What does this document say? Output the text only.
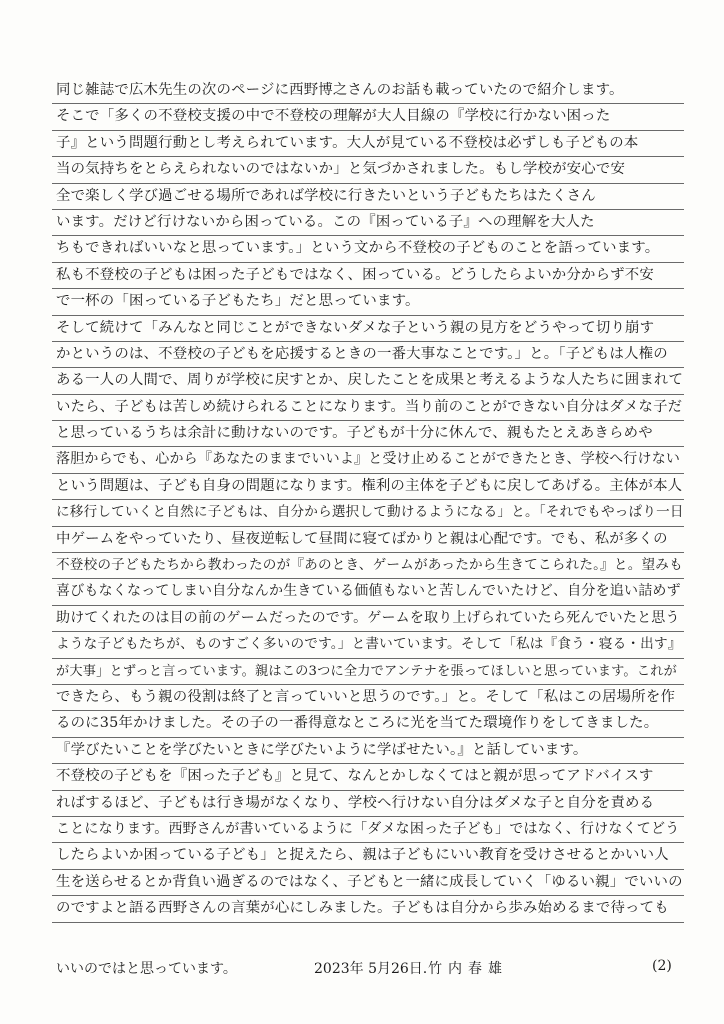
同じ雑誌で広木先生の次のページに西野博之さんのお話も載っていたので紹介します。
そこで「多くの不登校支援の中で不登校の理解が大人目線の『学校に行かない困った
子』という問題行動とし考えられています。大人が見ている不登校は必ずしも子どもの本
当の気持ちをとらえられないのではないか」と気づかされました。もし学校が安心で安
全で楽しく学び過ごせる場所であれば学校に行きたいという子どもたちはたくさん
います。だけど行けないから困っている。この『困っている子』への理解を大人た
ちもできればいいなと思っています。」という文から不登校の子どものことを語っています。
私も不登校の子どもは困った子どもではなく、困っている。どうしたらよいか分からず不安
で一杯の「困っている子どもたち」だと思っています。
そして続けて「みんなと同じことができないダメな子という親の見方をどうやって切り崩す
かというのは、不登校の子どもを応援するときの一番大事なことです。」と。「子どもは人権の
ある一人の人間で、周りが学校に戻すとか、戻したことを成果と考えるような人たちに囲まれて
いたら、子どもは苦しめ続けられることになります。当り前のことができない自分はダメな子だ
と思っているうちは余計に動けないのです。子どもが十分に休んで、親もたとえあきらめや
落胆からでも、心から『あなたのままでいいよ』と受け止めることができたとき、学校へ行けない
という問題は、子ども自身の問題になります。権利の主体を子どもに戻してあげる。主体が本人
に移行していくと自然に子どもは、自分から選択して動けるようになる」と。「それでもやっぱり一日
中ゲームをやっていたり、昼夜逆転して昼間に寝てばかりと親は心配です。でも、私が多くの
不登校の子どもたちから教わったのが『あのとき、ゲームがあったから生きてこられた。』と。望みも
喜びもなくなってしまい自分なんか生きている価値もないと苦しんでいたけど、自分を追い詰めず
助けてくれたのは目の前のゲームだったのです。ゲームを取り上げられていたら死んでいたと思う
ような子どもたちが、ものすごく多いのです。」と書いています。そして「私は『食う・寝る・出す』
が大事」とずっと言っています。親はこの3つに全力でアンテナを張ってほしいと思っています。これが
できたら、もう親の役割は終了と言っていいと思うのです。」と。そして「私はこの居場所を作
るのに35年かけました。その子の一番得意なところに光を当てた環境作りをしてきました。
『学びたいことを学びたいときに学びたいように学ばせたい。』と話しています。
不登校の子どもを『困った子ども』と見て、なんとかしなくてはと親が思ってアドバイスす
ればするほど、子どもは行き場がなくなり、学校へ行けない自分はダメな子と自分を責める
ことになります。西野さんが書いているように「ダメな困った子ども」ではなく、行けなくてどう
したらよいか困っている子ども」と捉えたら、親は子どもにいい教育を受けさせるとかいい人
生を送らせるとか背負い過ぎるのではなく、子どもと一緒に成長していく「ゆるい親」でいいの
のですよと語る西野さんの言葉が心にしみました。子どもは自分から歩み始めるまで待っても
いいのではと思っています。	2023年 5月26日. 竹内春雄	(2)
